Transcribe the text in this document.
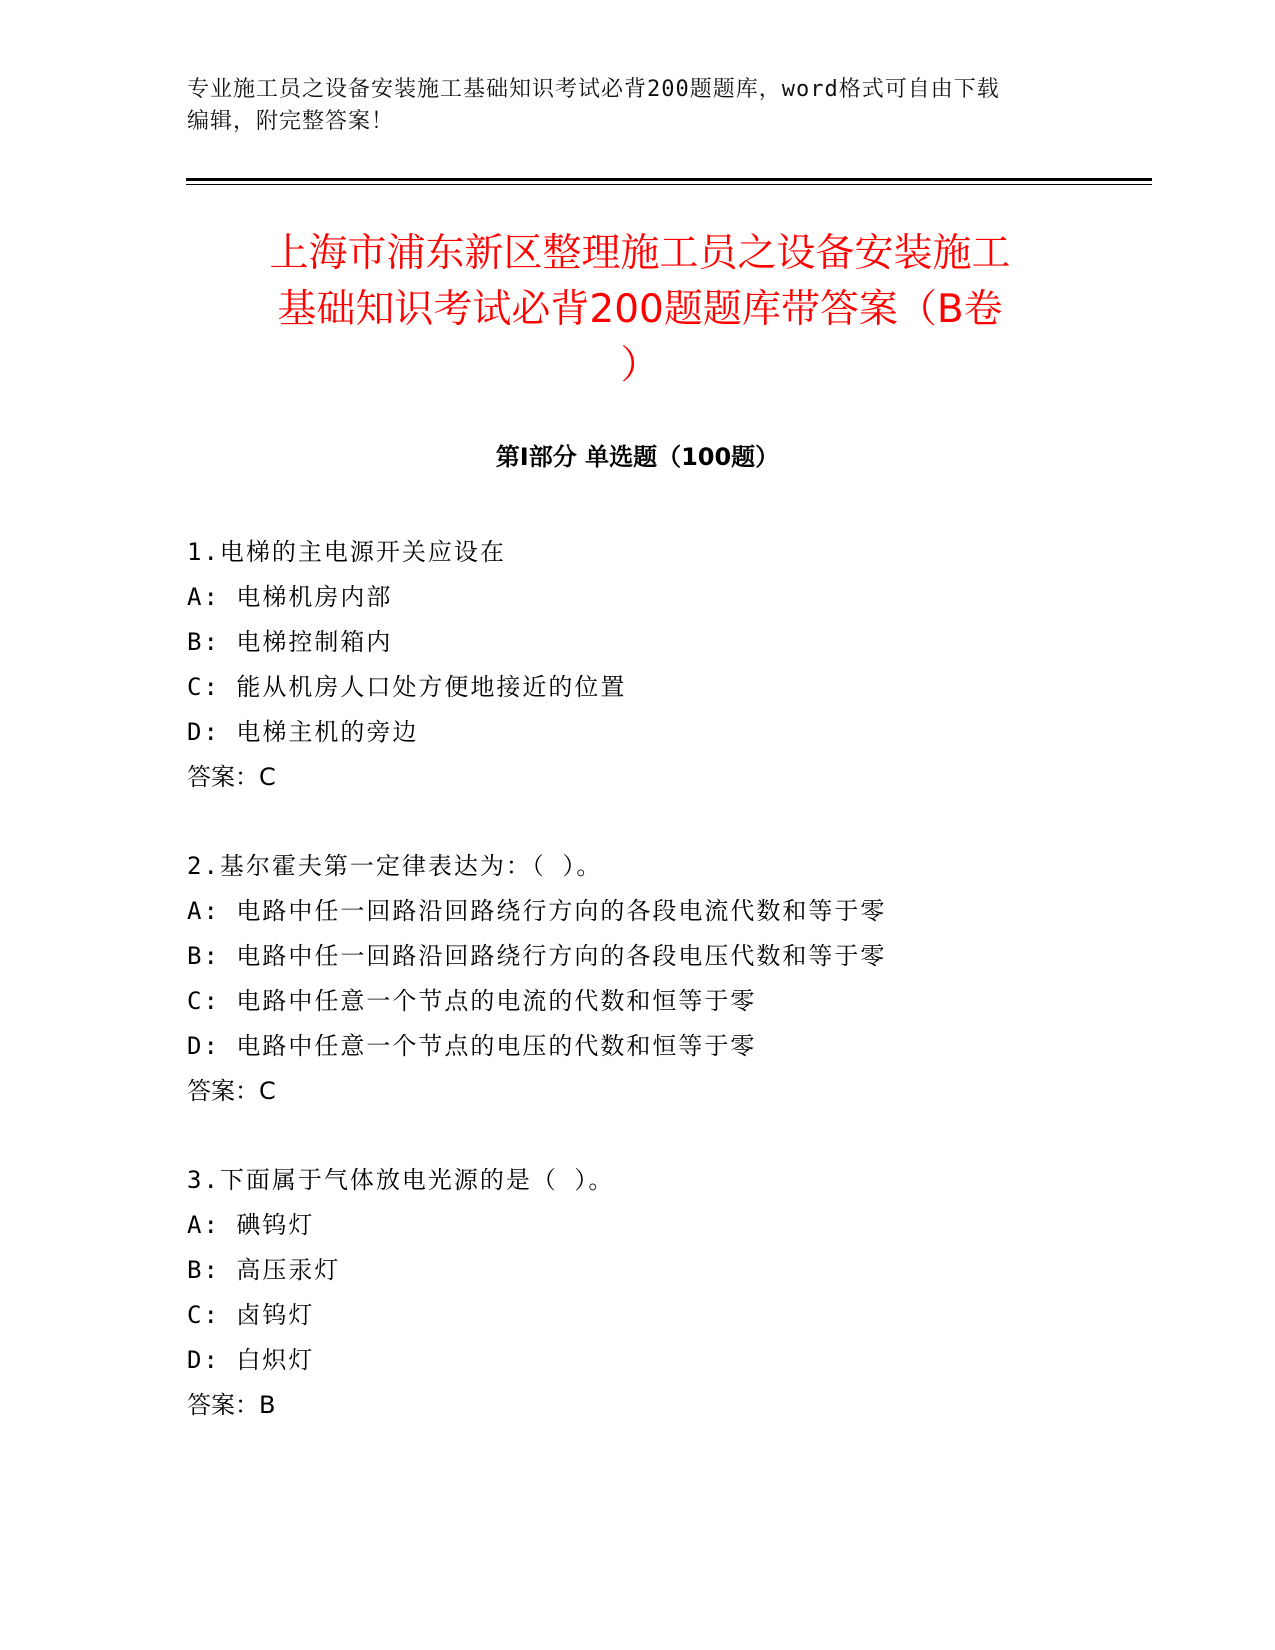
专业施工员之设备安装施工基础知识考试必背200题题库，word格式可自由下载
编辑，附完整答案！
上海市浦东新区整理施工员之设备安装施工
基础知识考试必背200题题库带答案（B卷
）
第I部分 单选题（100题）
1.电梯的主电源开关应设在
A: 电梯机房内部
B: 电梯控制箱内
C: 能从机房人口处方便地接近的位置
D: 电梯主机的旁边
答案：C
2.基尔霍夫第一定律表达为：（ ）。
A: 电路中任一回路沿回路绕行方向的各段电流代数和等于零
B: 电路中任一回路沿回路绕行方向的各段电压代数和等于零
C: 电路中任意一个节点的电流的代数和恒等于零
D: 电路中任意一个节点的电压的代数和恒等于零
答案：C
3.下面属于气体放电光源的是（ ）。
A: 碘钨灯
B: 高压汞灯
C: 卤钨灯
D: 白炽灯
答案：B
